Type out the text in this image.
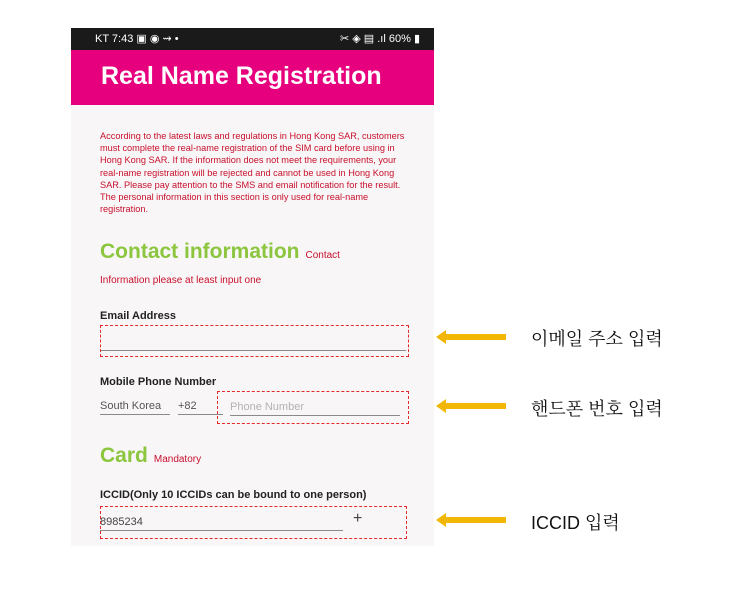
KT 7:43 ▣ ◉ ⇝ •	✂ ◈ ▤ .ıl 60% ▮
Real Name Registration
According to the latest laws and regulations in Hong Kong SAR, customers must complete the real-name registration of the SIM card before using in Hong Kong SAR. If the information does not meet the requirements, your real-name registration will be rejected and cannot be used in Hong Kong SAR. Please pay attention to the SMS and email notification for the result. The personal information in this section is only used for real-name registration.
Contact information Contact
Information please at least input one
Email Address
Mobile Phone Number
South Korea	+82
Phone Number
Card Mandatory
ICCID(Only 10 ICCIDs can be bound to one person)
8985234
+
이메일 주소 입력
핸드폰 번호 입력
ICCID 입력
